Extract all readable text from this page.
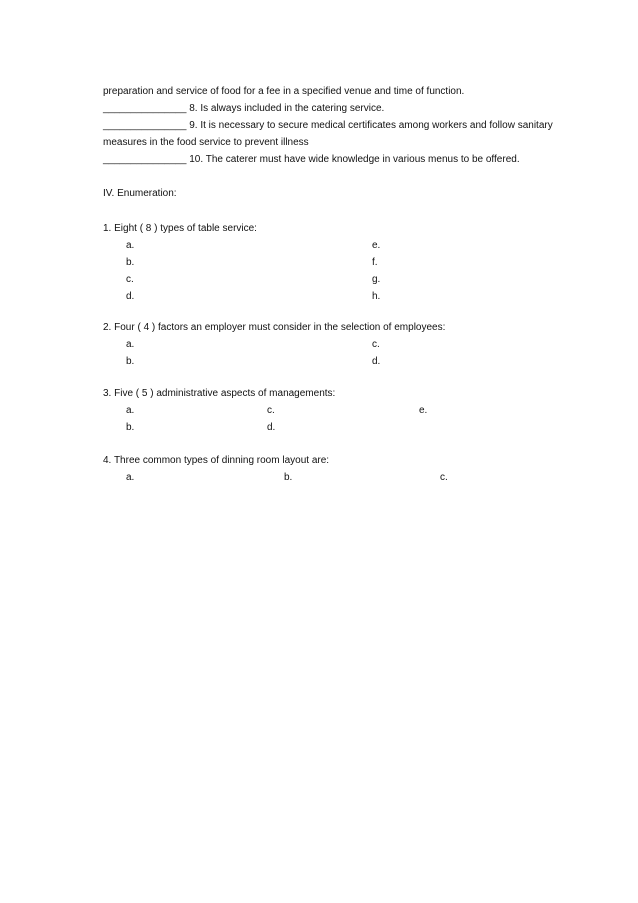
preparation and service of food for a fee in a specified venue and time of function.
_______________ 8. Is always included in the catering service.
_______________ 9. It is necessary to secure medical certificates among workers and follow sanitary
measures in the food service to prevent illness
_______________ 10. The caterer must have wide knowledge in various menus to be offered.
IV. Enumeration:
1. Eight ( 8 ) types of table service:
a.
b.
c.
d.
e.
f.
g.
h.
2. Four ( 4 ) factors an employer must consider in the selection of employees:
a.
b.
c.
d.
3. Five ( 5 ) administrative aspects of managements:
a.
b.
c.
d.
e.
4. Three common types of dinning room layout are:
a.	b.	c.
